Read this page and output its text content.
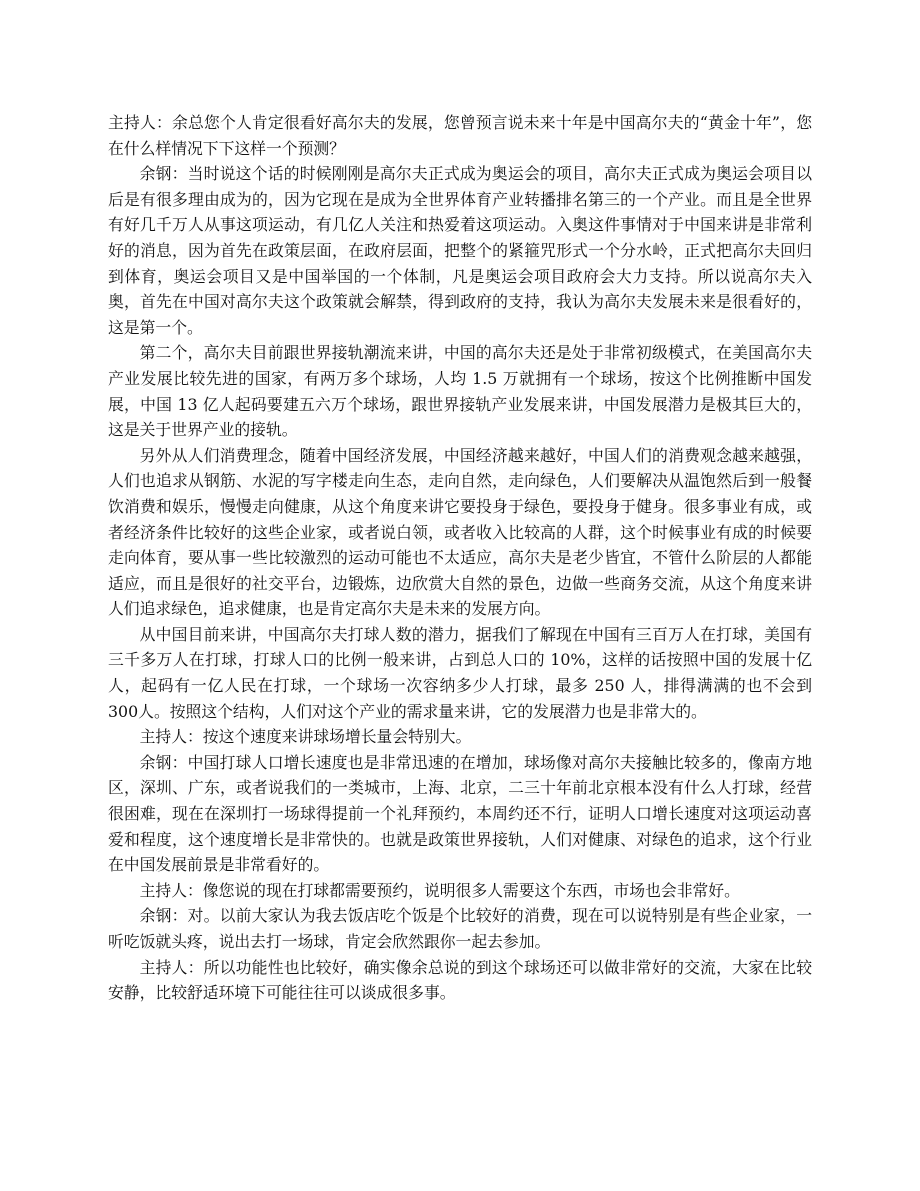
主持人：余总您个人肯定很看好高尔夫的发展，您曾预言说未来十年是中国高尔夫的“黄金十年”，您在什么样情况下下这样一个预测？

余钢：当时说这个话的时候刚刚是高尔夫正式成为奥运会的项目，高尔夫正式成为奥运会项目以后是有很多理由成为的，因为它现在是成为全世界体育产业转播排名第三的一个产业。而且是全世界有好几千万人从事这项运动，有几亿人关注和热爱着这项运动。入奥这件事情对于中国来讲是非常利好的消息，因为首先在政策层面，在政府层面，把整个的紧箍咒形式一个分水岭，正式把高尔夫回归到体育，奥运会项目又是中国举国的一个体制，凡是奥运会项目政府会大力支持。所以说高尔夫入奥，首先在中国对高尔夫这个政策就会解禁，得到政府的支持，我认为高尔夫发展未来是很看好的，这是第一个。

第二个，高尔夫目前跟世界接轨潮流来讲，中国的高尔夫还是处于非常初级模式，在美国高尔夫产业发展比较先进的国家，有两万多个球场，人均 1.5 万就拥有一个球场，按这个比例推断中国发展，中国 13 亿人起码要建五六万个球场，跟世界接轨产业发展来讲，中国发展潜力是极其巨大的，这是关于世界产业的接轨。

另外从人们消费理念，随着中国经济发展，中国经济越来越好，中国人们的消费观念越来越强，人们也追求从钢筋、水泥的写字楼走向生态，走向自然，走向绿色，人们要解决从温饱然后到一般餐饮消费和娱乐，慢慢走向健康，从这个角度来讲它要投身于绿色，要投身于健身。很多事业有成，或者经济条件比较好的这些企业家，或者说白领，或者收入比较高的人群，这个时候事业有成的时候要走向体育，要从事一些比较激烈的运动可能也不太适应，高尔夫是老少皆宜，不管什么阶层的人都能适应，而且是很好的社交平台，边锻炼，边欣赏大自然的景色，边做一些商务交流，从这个角度来讲人们追求绿色，追求健康，也是肯定高尔夫是未来的发展方向。

从中国目前来讲，中国高尔夫打球人数的潜力，据我们了解现在中国有三百万人在打球，美国有三千多万人在打球，打球人口的比例一般来讲，占到总人口的 10%，这样的话按照中国的发展十亿人，起码有一亿人民在打球，一个球场一次容纳多少人打球，最多 250 人，排得满满的也不会到 300人。按照这个结构，人们对这个产业的需求量来讲，它的发展潜力也是非常大的。

主持人：按这个速度来讲球场增长量会特别大。

余钢：中国打球人口增长速度也是非常迅速的在增加，球场像对高尔夫接触比较多的，像南方地区，深圳、广东，或者说我们的一类城市，上海、北京，二三十年前北京根本没有什么人打球，经营很困难，现在在深圳打一场球得提前一个礼拜预约，本周约还不行，证明人口增长速度对这项运动喜爱和程度，这个速度增长是非常快的。也就是政策世界接轨，人们对健康、对绿色的追求，这个行业在中国发展前景是非常看好的。

主持人：像您说的现在打球都需要预约，说明很多人需要这个东西，市场也会非常好。

余钢：对。以前大家认为我去饭店吃个饭是个比较好的消费，现在可以说特别是有些企业家，一听吃饭就头疼，说出去打一场球，肯定会欣然跟你一起去参加。

主持人：所以功能性也比较好，确实像余总说的到这个球场还可以做非常好的交流，大家在比较安静，比较舒适环境下可能往往可以谈成很多事。
